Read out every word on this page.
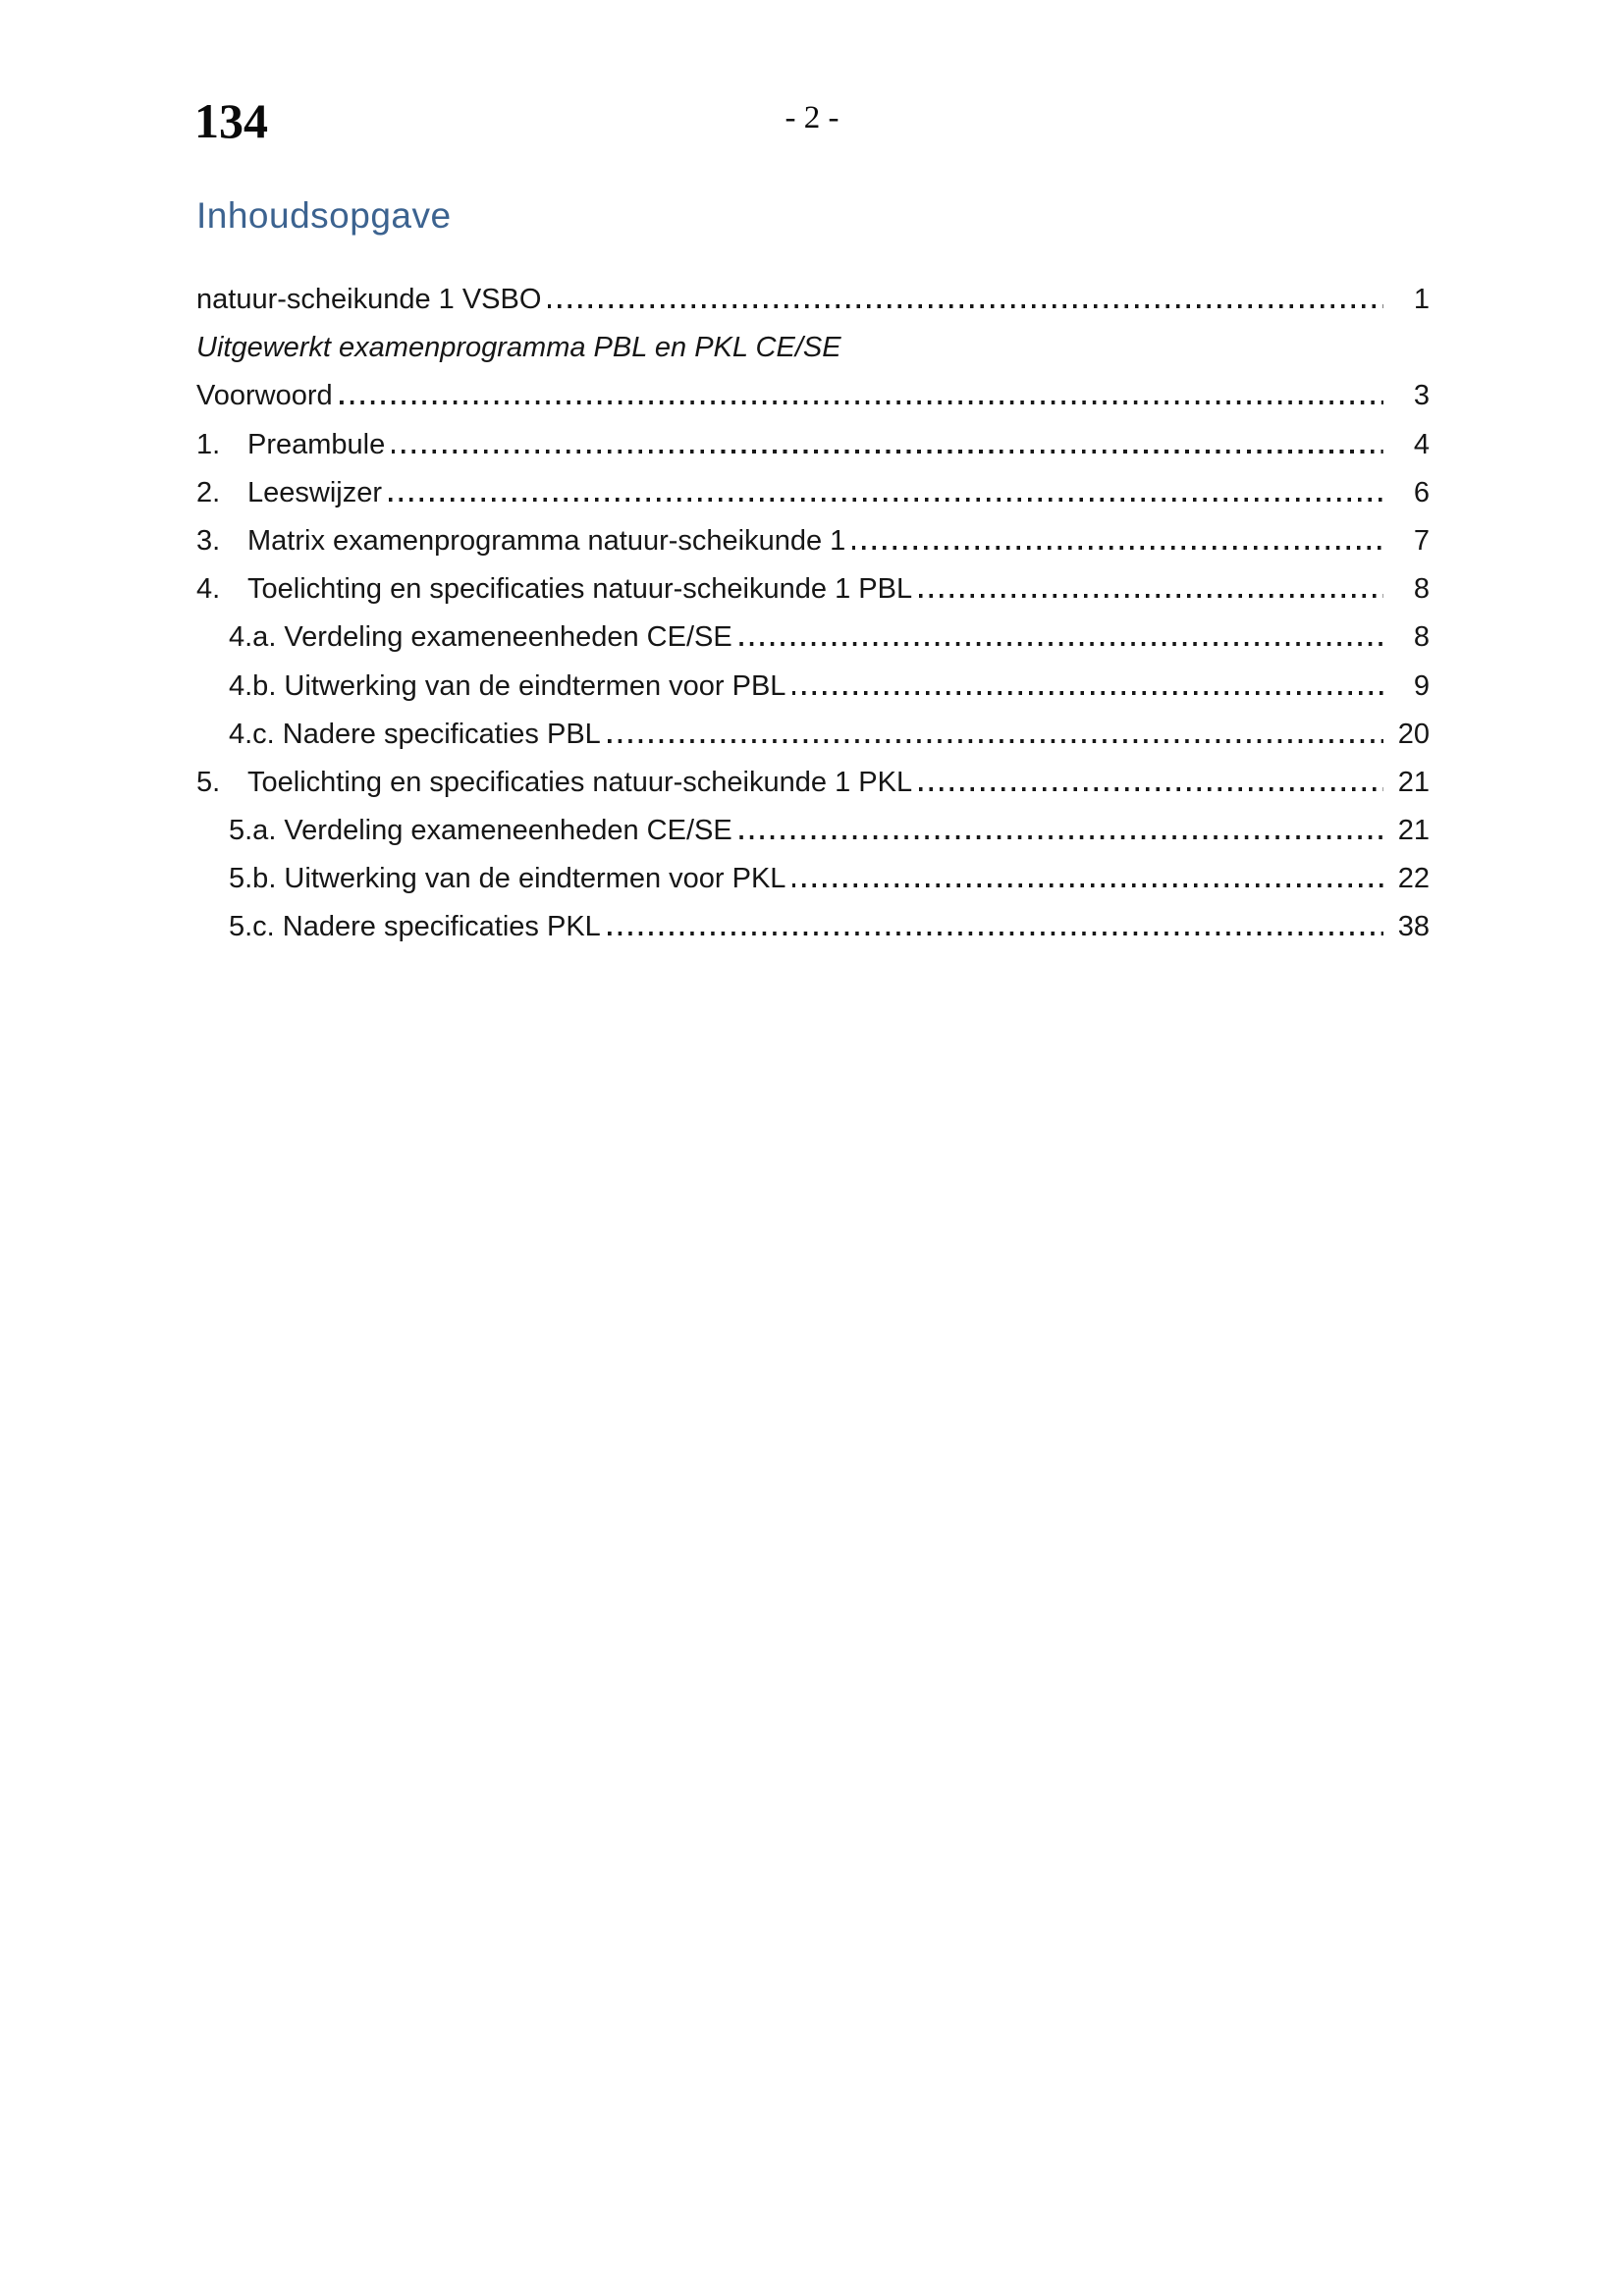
134	- 2 -
Inhoudsopgave
natuur-scheikunde 1 VSBO	1
Uitgewerkt examenprogramma PBL en PKL CE/SE
Voorwoord	3
1. Preambule	4
2. Leeswijzer	6
3. Matrix examenprogramma natuur-scheikunde 1	7
4. Toelichting en specificaties natuur-scheikunde 1 PBL	8
4.a. Verdeling exameneenheden CE/SE	8
4.b. Uitwerking van de eindtermen voor PBL	9
4.c. Nadere specificaties PBL	20
5. Toelichting en specificaties natuur-scheikunde 1 PKL	21
5.a. Verdeling exameneenheden CE/SE	21
5.b. Uitwerking van de eindtermen voor PKL	22
5.c. Nadere specificaties PKL	38
